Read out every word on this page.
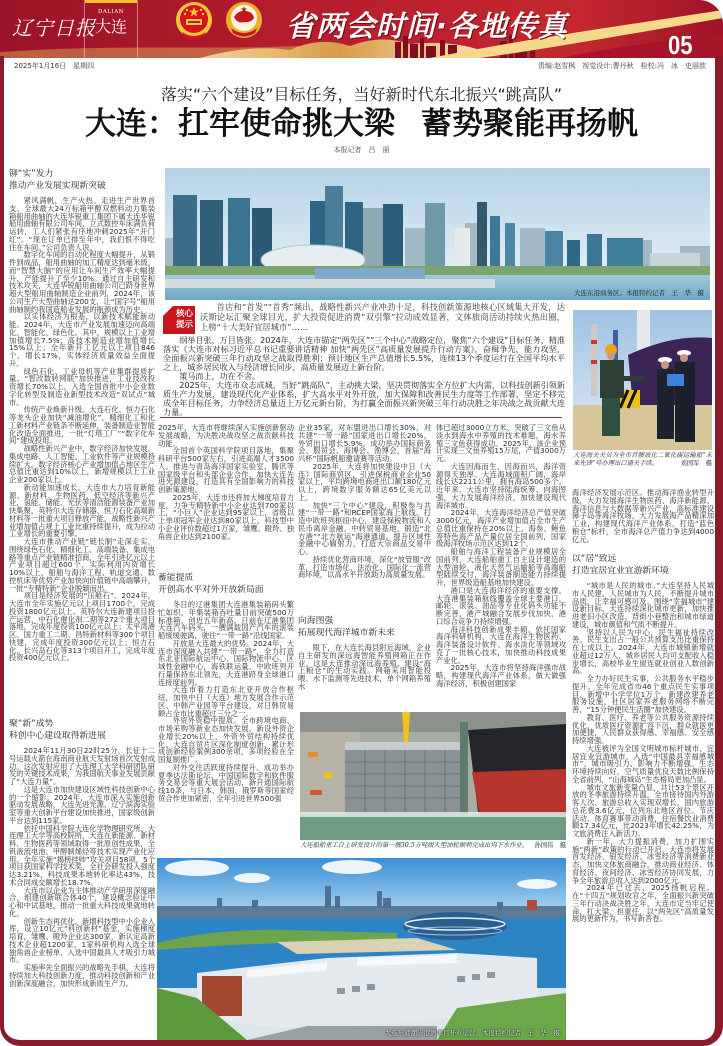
辽宁日报
DALIAN
大连	省两会时间·各地传真
05
2025年1月16日　星期四	责编:赵雪枫　视觉设计:曹丹秋　检校:冯　冰　史丽歆
落实“六个建设”目标任务，当好新时代东北振兴“跳高队”
大连：扛牢使命挑大梁 蓄势聚能再扬帆
本报记者　吕　丽
大连东港商务区。本报特约记者　王　华　摄
核心
提示
首店和“首发”“首秀”频出，战略性新兴产业冲劲十足，科技创新策源地核心区域集大开发，达沃斯论坛汇聚全球目光，扩大投资促进消费“双引擎”拉动成效显著，文体旅商活动持续火热出圈，上榜“十大美好宜居城市”……

纲举目张，万目皆张。2024年，大连市锚定“两先区”“三个中心”战略定位，聚焦“六个建设”目标任务，精准落实《大连市对标习近平总书记重要讲话精神 加快“两先区”高质量发展提升行动方案》，奋楫争先，能力攻坚，全面振兴新突破三年行动攻坚之战取得胜利；预计地区生产总值增长5.5%，连续13个季度运行在全国平均水平之上，城乡居民收入与经济增长同步，高质量发展迈上新台阶。

策马而上，功在不舍。

2025年，大连市众志成城，当好“跳高队”，主动挑大梁，坚决贯彻落实全方位扩大内需，以科技创新引领新质生产力发展，建设现代化产业体系，扩大高水平对外开放，加大保障和改善民生力度等工作部署，坚定不移完成全年目标任务，力争经济总量迈上万亿元新台阶，为打赢全面振兴新突破三年行动决胜之年决战之战贡献大连力量。

大连海关关员为全市首艘液化二氧化碳运输船“未来先锋”号办理出口通关手续。	刘国军　摄
铆“实”发力
推动产业发展实现新突破

紧风满帆，生产火热。走进生产世界首支、全球最大24万标箱甲醇双燃料动力集装箱船用曲轴的大连华锐重工集团下属大连华锐船用曲轴有限公司车间，立式数控车床满负荷运转，工人们紧张有序地冲刺2025年“开门红”。“现在订单已排至年中，我们恨不得吃住在车间。”公司负责人说。

数字化车间的自动化程度大幅提升，从锻件到成品，船用曲轴的加工精度达到毫米级，而“智慧大脑”的应用让车间生产效率大幅提升，产能提升了至少10%。通过自主研发和技术攻关，大连华锐船用曲轴公司已跻身世界超大型船用曲轴制造企业前列，2024年，该公司生产大型曲轴达200支，让“国字号”船用曲轴制约我国造船业发展的瓶颈成为历史。

以实体经济为根基，以新技术赋能新动能。2024年，大连市产业发展加速迈向高端化、智能化、绿色化。其中，规模以上工业增加值增长7.5%；高技术制造业增加值增长15%以上；全年新开工亿元以上项目846个、增长17%，实体经济质量效益全面提升。

绿色石化、工业母机等产业集群提质扩量。“智改数转网联”加快推进，工业技改投资增长70%以上，入选全国首批中小企业数字化转型及制造业新型技术改造“双试点”城市。

传统产业焕新升级。大连石化、恒力石化等龙头企业加快“减油增化”，精细化工和化工新材料产业链条不断延伸，装备制造业智能化改造全面推进，一批“灯塔工厂”“数字化车间”建成投用。

战略性新兴产业中，数字经济加快发展，集成电路、人工智能、工业软件等产业规模持续扩大，数字经济核心产业增加值占地区生产总值比重达到10%以上，新增规模以上工业企业200家以上。

新动能加速成长。大连市大力培育新能源、新材料、生物医药、低空经济等新兴产业，氢能、储能、光伏等清洁能源装备产业加快集聚，英特尔大连存储器、恒力石化高端新材料等一批重大项目释放产能，战略性新兴产业增加值占规上工业比重持续提升，成为拉动工业增长的重要引擎。

大连市推动产业链“链长制”走深走实，围绕绿色石化、精细化工、高端装备、集成电路等重点产业链精准招商，全年引进亿元以上产业项目超过600个，实际利用内资增长10%以上，船舶与海洋工程、轨道交通、数控机床等优势产业加快向价值链中高端攀升，一批“专精特新”企业脱颖而出。

项目是经济发展的“压舱石”。2024年，大连市全年实施亿元以上项目1700个，完成投资1800亿元以上。英特尔大连新建项目投产运营，中石化催化剂二期等272个重大项目落地，完成年度投资100亿元以上；太平湾港区、国力重工二期、昌特新材料等300个项目快建，完成年度投资300亿元以上；恒力石化、长兴岛石化等313个项目开工，完成年度投资400亿元以上。

聚“新”成势
科创中心建设取得新进展

2024年11月30日22时25分，长征十二号运载火箭在海南商业航天发射场首次发射成功。这次发射应用了大连理工大学科研团队研发的关键技术成果，为我国航天事业发展贡献了“大连力量”。

这是大连市加快建设区域性科技创新中心的一个缩影。2024年，大连市深入实施创新驱动发展战略，大连先进光源、辽宁滨海实验室等重大创新平台建设加快推进，国家级创新平台达到115家。

依托中国科学院大连化学物理研究所、大连理工大学等高校院所，大连在新能源、新材料、生物医药等领域取得一批原创性成果，全钒液流电池、甲醇制烯烃等技术实现产业化应用。全年实施“揭榜挂帅”攻关项目58项，5个项目获国家科学技术奖，全社会研发投入强度达3.21%，科技成果本地转化率达43%，技术合同成交额增长18.7%。

大连市以企业为主体推动产学研用深度融合，组建创新联合体40个，建设概念验证中心和中试基地，推动一批重大科技成果就地转化。

创新生态再优化。新增科技型中小企业入库，设立10亿元“科创新材”基金，实施梯度培育，雏鹰、瞪羚企业达300家，新认定高新技术企业超1200家，1家科研机构入选全球独角兽企业榜单，入选中国最具人才吸引力城市。

实施率先全面振兴的战略先手棋，大连将持续加大科技创新力度，推动科技创新和产业创新深度融合，加快形成新质生产力。

2025年，大连市将继续深入实施创新驱动发展战略，为决胜决战攻坚之战贡献科技动能。

全国首个英国科学院项目落地，集聚科研平台500家左右，引进高端人才3500人。推进与青岛海洋国家实验室、腾讯等国家级平台和头部企业合作，加快大连先进光源建设，打造具有全国影响力的科技创新策源地。

2025年，大连市还将加大梯度培育力度，力争专精特新中小企业达到700家以上，“小巨人”企业达到95家以上，省级以上单项冠军企业达到80家以上，科技型中小企业评价数超过1万家，雏鹰、瞪羚、独角兽企业达到2100家。

蓄能提质
开创高水平对外开放新局面

冬日的辽港集团大连港集装箱码头繁忙如织，年集装箱吞吐量目前突破500万标准箱，创近五年新高。日前在辽港集团大连汽车码头，一艘满载国产汽车的滚装船缓缓驶离，驶往“一带一路”沿线国家。

开放是大连最大的优势。2024年，大连市深度融入共建“一带一路”，全力打造东北亚国际航运中心、国际物流中心、区域性金融中心，海铁联运量、中欧班列开行量保持东北领先，大连港跻身全球港口连接度前列。

大连市着力打造东北亚开放合作枢纽，加快中日（大连）地方发展合作示范区、中韩产业园等平台建设，对日韩贸易额占全市比重超过三分之一。

外贸外资稳中提质。全市跨境电商、市场采购等新业态加快发展，新设外资企业增长20%以上，外资外贸结构持续优化。大连自贸片区深化制度创新，累计形成创新经验案例300余项，多项经验在全国复制推广。

对外交往活跃度持续提升。成功举办夏季达沃斯论坛、中国国际数字和软件服务交易会等重大展会活动，新开通国际航线10条，与日本、韩国、俄罗斯等国家经贸合作更加紧密，全年引进世界500强

企业35家，对东盟进出口增长30%，对共建“一带一路”国家进出口增长20%，外贸出口增长5.9%。成功举办国际商务会、服贸会、海博会、渔博会，首届“海兴杯”国际帆船邀请赛等活动。

2025年，大连将加快建设中日（大连）国际商贸区，引进保税商业企业50家以上，平均跨境电商进出口额180亿元以上，跨境数字服务额达65亿美元以上。

加快“三个中心”建设，积极参与共建“一带一路”和RCEP国家海上航线。打造中欧班列枢纽中心，建设保税物流和人民币离岸金融、中转贸易基地，锻造“北方港”“北方航运”海港通道。提升区域性金融中心辐射力，打造大宗商品交易中心。

持续优化营商环境，深化“放管服”改革，打造市场化、法治化、国际化一流营商环境，以高水平开放助力高质量发展。

向海图强
拓展现代海洋城市新未来

眼下，在大连长海县附近海域，企业自主研发的深远海智能养殖网箱正在作业。这是大连推动深远海养殖、建设“海上粮仓”的生动实践。网箱采用智能投喂、水下监测等先进技术，单个网箱养殖水

体已超过3000立方米，突破了三文鱼从淡水到海水中养殖的技术难题，海水养殖三文鱼获得成功。2025年，该企业预计实现三文鱼养殖15万尾，产值3000万元。

大连因海而生、因海而兴，海洋资源得天独厚。大连海域面积广阔，海岸线长达2211公里，拥有海岛500多个。近年来，大连市坚持陆海统筹、向海图强，大力发展海洋经济，加快建设现代海洋城市。

2024年，大连海洋经济总产值突破3000亿元，海洋产业增加值占全市生产总值比重保持在20%以上。海参、鲍鱼等特色海产品产量位居全国前列，国家级海洋牧场示范区达到12个。

船舶与海洋工程装备产业规模居全国前列，大连船舶重工自主设计建造的大型油轮、液化天然气运输船等高端船型陆续交付，海洋装备制造能力持续提升，世界级造船基地加快建设。

港口是大连海洋经济的重要支撑。大连港集装箱航线覆盖全球主要港口，邮轮、滚装、油品等专业化码头功能不断完善，港产城融合发展步伐加快，港口综合竞争力持续增强。

海洋科技创新成果丰硕。依托国家海洋科研机构，大连在海洋生物医药、海洋装备设计软件、海水淡化等领域攻克了一批核心技术，加快推动科技成果产业化。

2025年，大连市将坚持海洋强市战略，构建现代海洋产业体系，做大做强海洋经济，积极创建国家

海洋经济发展示范区。推动海洋渔业转型升级，大力发展海洋生物医药、海洋新能源、海洋信息与大数据等新兴产业，高标准建设獐子岛等海洋牧场，大力发展海产品精深加工业，构建现代海洋产业体系，打造“蓝色粮仓”标杆，全市海洋总产值力争达到4000亿元。

以“居”致远
打造宜居宜业宜游新环境

“城市是人民的城市。”大连坚持人民城市人民建、人民城市为人民，不断提升城市品质，让幸福可感可及。围绕“幸福城市”建设新目标，大连持续深化城市更新，加快推进老旧小区改造、背街小巷整治和城市绿道建设，城市颜值和气质不断提升。

坚持以人民为中心，民生福祉持续改善。民生支出占一般公共预算支出比重保持在七成以上。2024年，大连市城镇新增就业超过12万人，城乡居民人均可支配收入稳步增长，高校毕业生留连就业创业人数创新高。

全力办好民生实事，公共服务水平稳步提升。全年完成省市46个重点民生实事项目，新增中小学学位1万个，新建改建养老服务设施，社区居家养老服务网络不断完善，“15分钟便民生活圈”加快建设。

教育、医疗、养老等公共服务资源持续优化，优质医疗资源扩容下沉，群众就医更加便捷，人民群众获得感、幸福感、安全感持续增强。

大连被评为全国文明城市标杆城市、宜居宜业宜游城市，入选“中国最具幸福感城市”，城市吸引力、影响力不断增强。生态环境持续向好，空气质量优良天数比例保持全省前列，“山海城岛”生态格局更加凸显。

城市文旅新变量凸显，共计53个景区开放的冬季旅游持续升温，全市接待国内外游客人次、旅游总收入实现双增长，国内旅游总花费3.6亿元，位列东北地区首位。节庆活动、体育赛事带动消费，住宿餐饮业消费额17.34亿元，比2023年增长42.25%，为文旅消费注入新活力。

新一年，大力提振消费，加力扩围实施“两新”政策的行动已开启。大连市将发展首发经济、银发经济、冰雪经济等消费新业态，加快文体旅商融合，推动商业经济、体育经济、夜间经济、冰雪经济协同发展，力争全年旅游总收入达到2000亿元。

2024年已过去，2025扬帆启程。在“十四五”规划收官之年，全面振兴新突破三年行动决战决胜之年，大连市定当牢记使命，扛大梁、担重任，以“两先区”高质量发展的更新作为，书写新答卷。

大连船舶重工自主研发设计的第一艘30.5万吨级大型油轮顺利完成出坞下水作业。 孙国伟　摄
大连东港潮汐港湾项目开业运营。本报特约记者　王　华　摄
